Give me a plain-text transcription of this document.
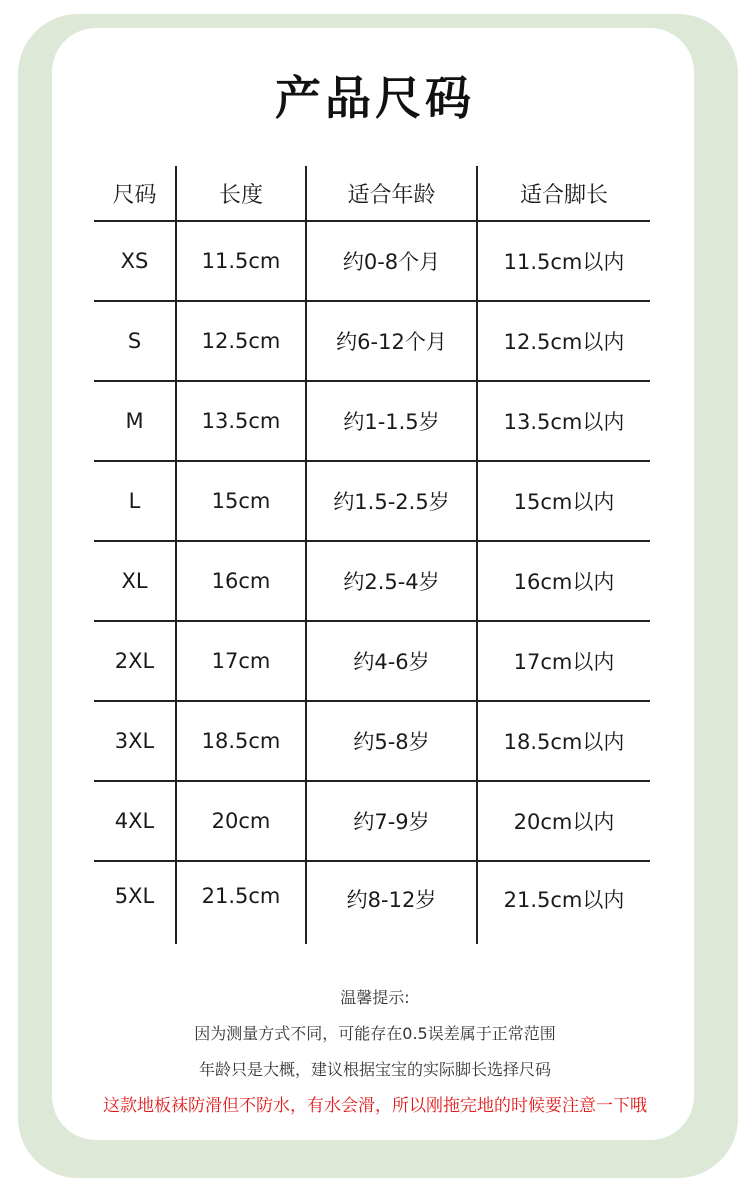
产品尺码
尺码	长度	适合年龄	适合脚长
XS	11.5cm	约0-8个月	11.5cm以内
S	12.5cm	约6-12个月	12.5cm以内
M	13.5cm	约1-1.5岁	13.5cm以内
L	15cm	约1.5-2.5岁	15cm以内
XL	16cm	约2.5-4岁	16cm以内
2XL	17cm	约4-6岁	17cm以内
3XL	18.5cm	约5-8岁	18.5cm以内
4XL	20cm	约7-9岁	20cm以内
5XL	21.5cm	约8-12岁	21.5cm以内
温馨提示:
因为测量方式不同，可能存在0.5误差属于正常范围
年龄只是大概，建议根据宝宝的实际脚长选择尺码
这款地板袜防滑但不防水，有水会滑，所以刚拖完地的时候要注意一下哦
